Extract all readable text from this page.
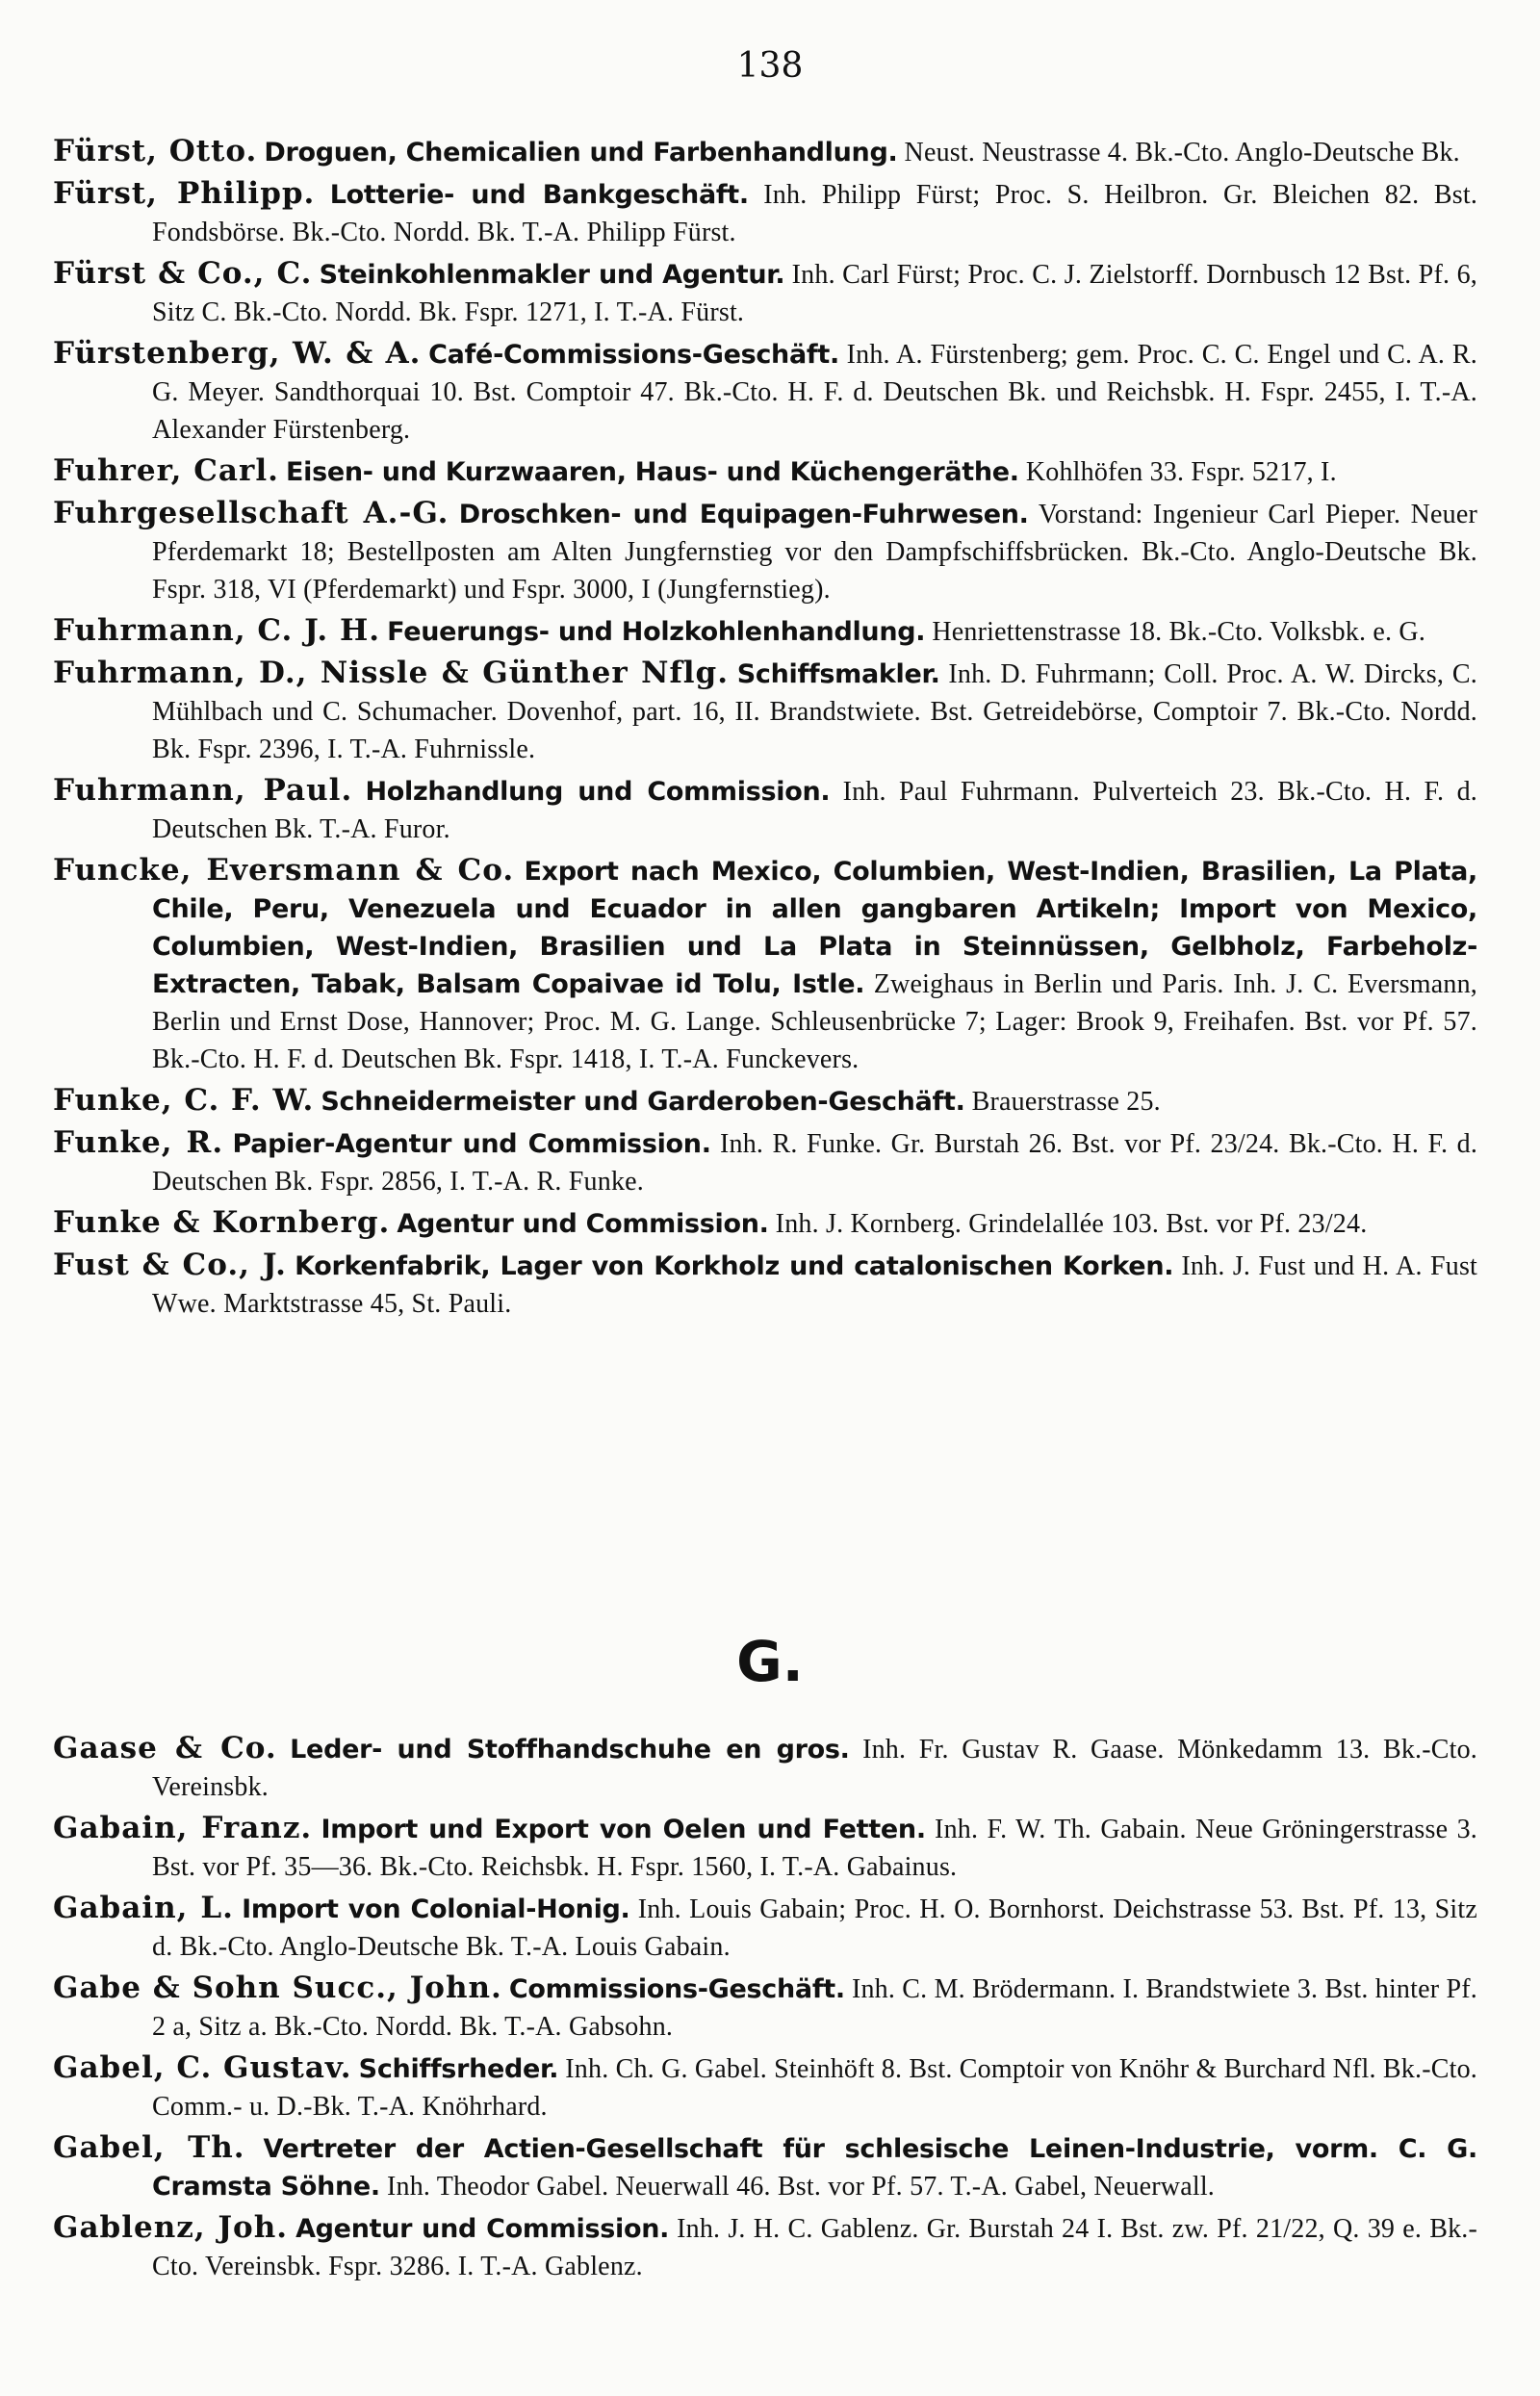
138

Fürst, Otto. Droguen, Chemicalien und Farbenhandlung. Neust. Neustrasse 4. Bk.-Cto. Anglo-Deutsche Bk.

Fürst, Philipp. Lotterie- und Bankgeschäft. Inh. Philipp Fürst; Proc. S. Heilbron. Gr. Bleichen 82. Bst. Fondsbörse. Bk.-Cto. Nordd. Bk. T.-A. Philipp Fürst.

Fürst & Co., C. Steinkohlenmakler und Agentur. Inh. Carl Fürst; Proc. C. J. Zielstorff. Dornbusch 12 Bst. Pf. 6, Sitz C. Bk.-Cto. Nordd. Bk. Fspr. 1271, I. T.-A. Fürst.

Fürstenberg, W. & A. Café-Commissions-Geschäft. Inh. A. Fürstenberg; gem. Proc. C. C. Engel und C. A. R. G. Meyer. Sandthorquai 10. Bst. Comptoir 47. Bk.-Cto. H. F. d. Deutschen Bk. und Reichsbk. H. Fspr. 2455, I. T.-A. Alexander Fürstenberg.

Fuhrer, Carl. Eisen- und Kurzwaaren, Haus- und Küchengeräthe. Kohlhöfen 33. Fspr. 5217, I.

Fuhrgesellschaft A.-G. Droschken- und Equipagen-Fuhrwesen. Vorstand: Ingenieur Carl Pieper. Neuer Pferdemarkt 18; Bestellposten am Alten Jungfernstieg vor den Dampfschiffsbrücken. Bk.-Cto. Anglo-Deutsche Bk. Fspr. 318, VI (Pferdemarkt) und Fspr. 3000, I (Jungfernstieg).

Fuhrmann, C. J. H. Feuerungs- und Holzkohlenhandlung. Henriettenstrasse 18. Bk.-Cto. Volksbk. e. G.

Fuhrmann, D., Nissle & Günther Nflg. Schiffsmakler. Inh. D. Fuhrmann; Coll. Proc. A. W. Dircks, C. Mühlbach und C. Schumacher. Dovenhof, part. 16, II. Brandstwiete. Bst. Getreidebörse, Comptoir 7. Bk.-Cto. Nordd. Bk. Fspr. 2396, I. T.-A. Fuhrnissle.

Fuhrmann, Paul. Holzhandlung und Commission. Inh. Paul Fuhrmann. Pulverteich 23. Bk.-Cto. H. F. d. Deutschen Bk. T.-A. Furor.

Funcke, Eversmann & Co. Export nach Mexico, Columbien, West-Indien, Brasilien, La Plata, Chile, Peru, Venezuela und Ecuador in allen gangbaren Artikeln; Import von Mexico, Columbien, West-Indien, Brasilien und La Plata in Steinnüssen, Gelbholz, Farbeholz-Extracten, Tabak, Balsam Copaivae id Tolu, Istle. Zweighaus in Berlin und Paris. Inh. J. C. Eversmann, Berlin und Ernst Dose, Hannover; Proc. M. G. Lange. Schleusenbrücke 7; Lager: Brook 9, Freihafen. Bst. vor Pf. 57. Bk.-Cto. H. F. d. Deutschen Bk. Fspr. 1418, I. T.-A. Funckevers.

Funke, C. F. W. Schneidermeister und Garderoben-Geschäft. Brauerstrasse 25.

Funke, R. Papier-Agentur und Commission. Inh. R. Funke. Gr. Burstah 26. Bst. vor Pf. 23/24. Bk.-Cto. H. F. d. Deutschen Bk. Fspr. 2856, I. T.-A. R. Funke.

Funke & Kornberg. Agentur und Commission. Inh. J. Kornberg. Grindelallée 103. Bst. vor Pf. 23/24.

Fust & Co., J. Korkenfabrik, Lager von Korkholz und catalonischen Korken. Inh. J. Fust und H. A. Fust Wwe. Marktstrasse 45, St. Pauli.

G.

Gaase & Co. Leder- und Stoffhandschuhe en gros. Inh. Fr. Gustav R. Gaase. Mönkedamm 13. Bk.-Cto. Vereinsbk.

Gabain, Franz. Import und Export von Oelen und Fetten. Inh. F. W. Th. Gabain. Neue Gröningerstrasse 3. Bst. vor Pf. 35—36. Bk.-Cto. Reichsbk. H. Fspr. 1560, I. T.-A. Gabainus.

Gabain, L. Import von Colonial-Honig. Inh. Louis Gabain; Proc. H. O. Bornhorst. Deichstrasse 53. Bst. Pf. 13, Sitz d. Bk.-Cto. Anglo-Deutsche Bk. T.-A. Louis Gabain.

Gabe & Sohn Succ., John. Commissions-Geschäft. Inh. C. M. Brödermann. I. Brandstwiete 3. Bst. hinter Pf. 2 a, Sitz a. Bk.-Cto. Nordd. Bk. T.-A. Gabsohn.

Gabel, C. Gustav. Schiffsrheder. Inh. Ch. G. Gabel. Steinhöft 8. Bst. Comptoir von Knöhr & Burchard Nfl. Bk.-Cto. Comm.- u. D.-Bk. T.-A. Knöhrhard.

Gabel, Th. Vertreter der Actien-Gesellschaft für schlesische Leinen-Industrie, vorm. C. G. Cramsta Söhne. Inh. Theodor Gabel. Neuerwall 46. Bst. vor Pf. 57. T.-A. Gabel, Neuerwall.

Gablenz, Joh. Agentur und Commission. Inh. J. H. C. Gablenz. Gr. Burstah 24 I. Bst. zw. Pf. 21/22, Q. 39 e. Bk.-Cto. Vereinsbk. Fspr. 3286. I. T.-A. Gablenz.
